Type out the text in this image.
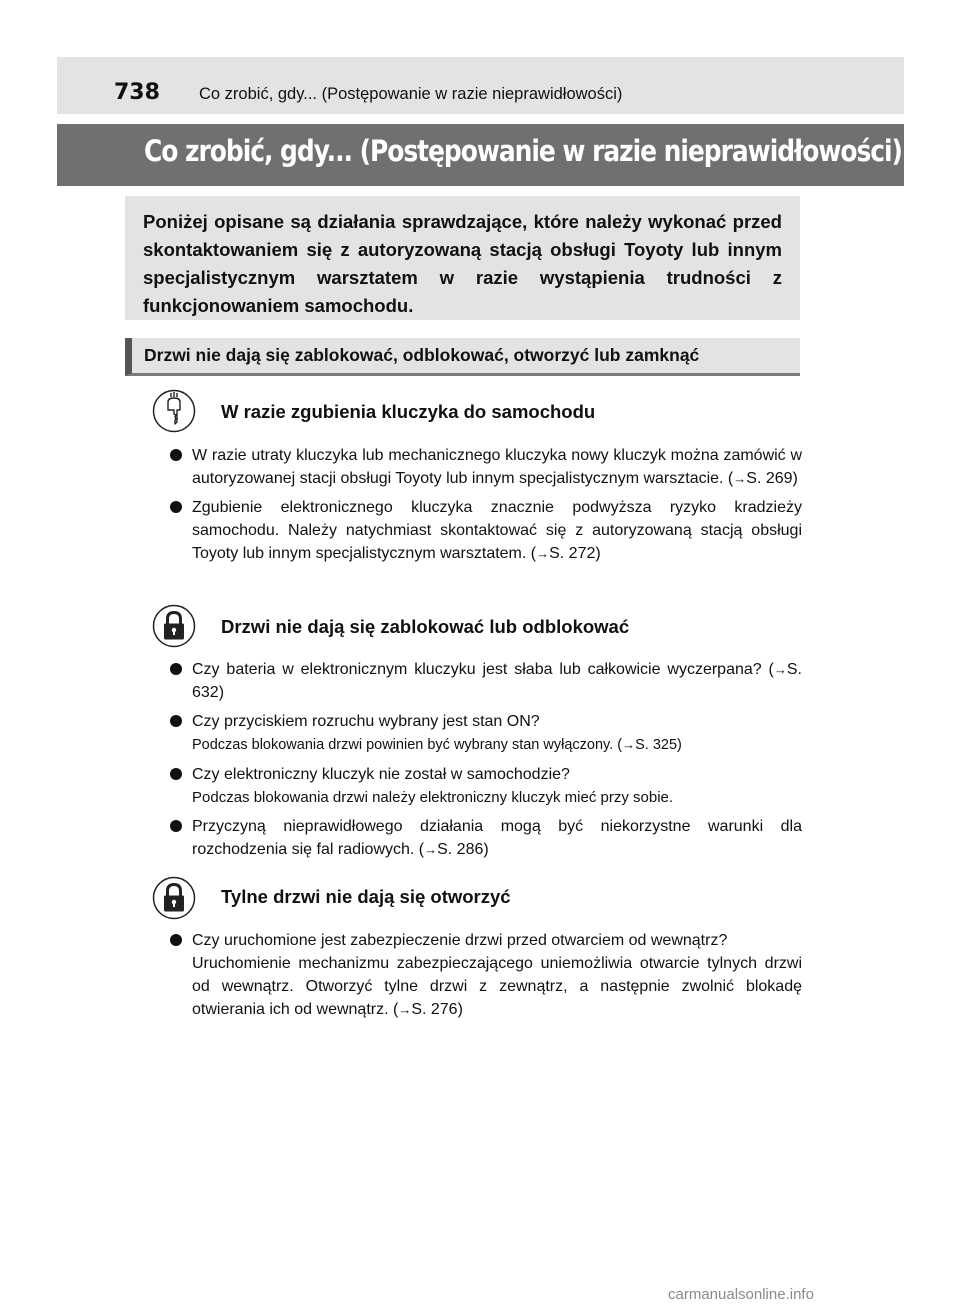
738 Co zrobić, gdy... (Postępowanie w razie nieprawidłowości)
Co zrobić, gdy... (Postępowanie w razie nieprawidłowości)
Poniżej opisane są działania sprawdzające, które należy wykonać przed skontaktowaniem się z autoryzowaną stacją obsługi Toyoty lub innym specjalistycznym warsztatem w razie wystąpienia trudności z funkcjonowaniem samochodu.
Drzwi nie dają się zablokować, odblokować, otworzyć lub zamknąć
W razie zgubienia kluczyka do samochodu
W razie utraty kluczyka lub mechanicznego kluczyka nowy kluczyk można zamówić w autoryzowanej stacji obsługi Toyoty lub innym specjalistycznym warsztacie. (→S. 269)
Zgubienie elektronicznego kluczyka znacznie podwyższa ryzyko kradzieży samochodu. Należy natychmiast skontaktować się z autoryzowaną stacją obsługi Toyoty lub innym specjalistycznym warsztatem. (→S. 272)
Drzwi nie dają się zablokować lub odblokować
Czy bateria w elektronicznym kluczyku jest słaba lub całkowicie wyczerpana? (→S. 632)
Czy przyciskiem rozruchu wybrany jest stan ON?
Podczas blokowania drzwi powinien być wybrany stan wyłączony. (→S. 325)
Czy elektroniczny kluczyk nie został w samochodzie?
Podczas blokowania drzwi należy elektroniczny kluczyk mieć przy sobie.
Przyczyną nieprawidłowego działania mogą być niekorzystne warunki dla rozchodzenia się fal radiowych. (→S. 286)
Tylne drzwi nie dają się otworzyć
Czy uruchomione jest zabezpieczenie drzwi przed otwarciem od wewnątrz?
Uruchomienie mechanizmu zabezpieczającego uniemożliwia otwarcie tylnych drzwi od wewnątrz. Otworzyć tylne drzwi z zewnątrz, a następnie zwolnić blokadę otwierania ich od wewnątrz. (→S. 276)
carmanualsonline.info
